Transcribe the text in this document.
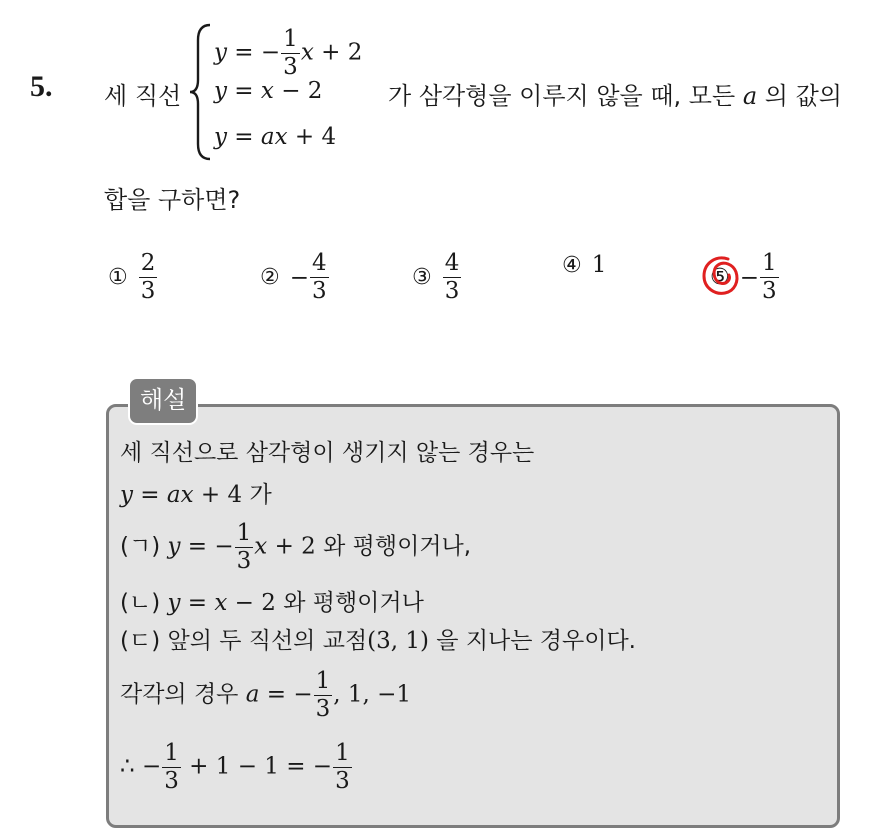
5. 세 직선
y = − $\frac{1}{3}$ x + 2
y = x − 2
y = ax + 4
가 삼각형을 이루지 않을 때, 모든 a 의 값의
합을 구하면?
① $\frac{2}{3}$	② − $\frac{4}{3}$	③ $\frac{4}{3}$	④ 1	⑤ − $\frac{1}{3}$
해설
세 직선으로 삼각형이 생기지 않는 경우는
y = ax + 4 가
(ㄱ) y = − $\frac{1}{3}$ x + 2 와 평행이거나,
(ㄴ) y = x − 2 와 평행이거나
(ㄷ) 앞의 두 직선의 교점(3, 1) 을 지나는 경우이다.
각각의 경우 a = − $\frac{1}{3}$ , 1, −1
∴ − $\frac{1}{3} + 1 - 1$ = − $\frac{1}{3}$
